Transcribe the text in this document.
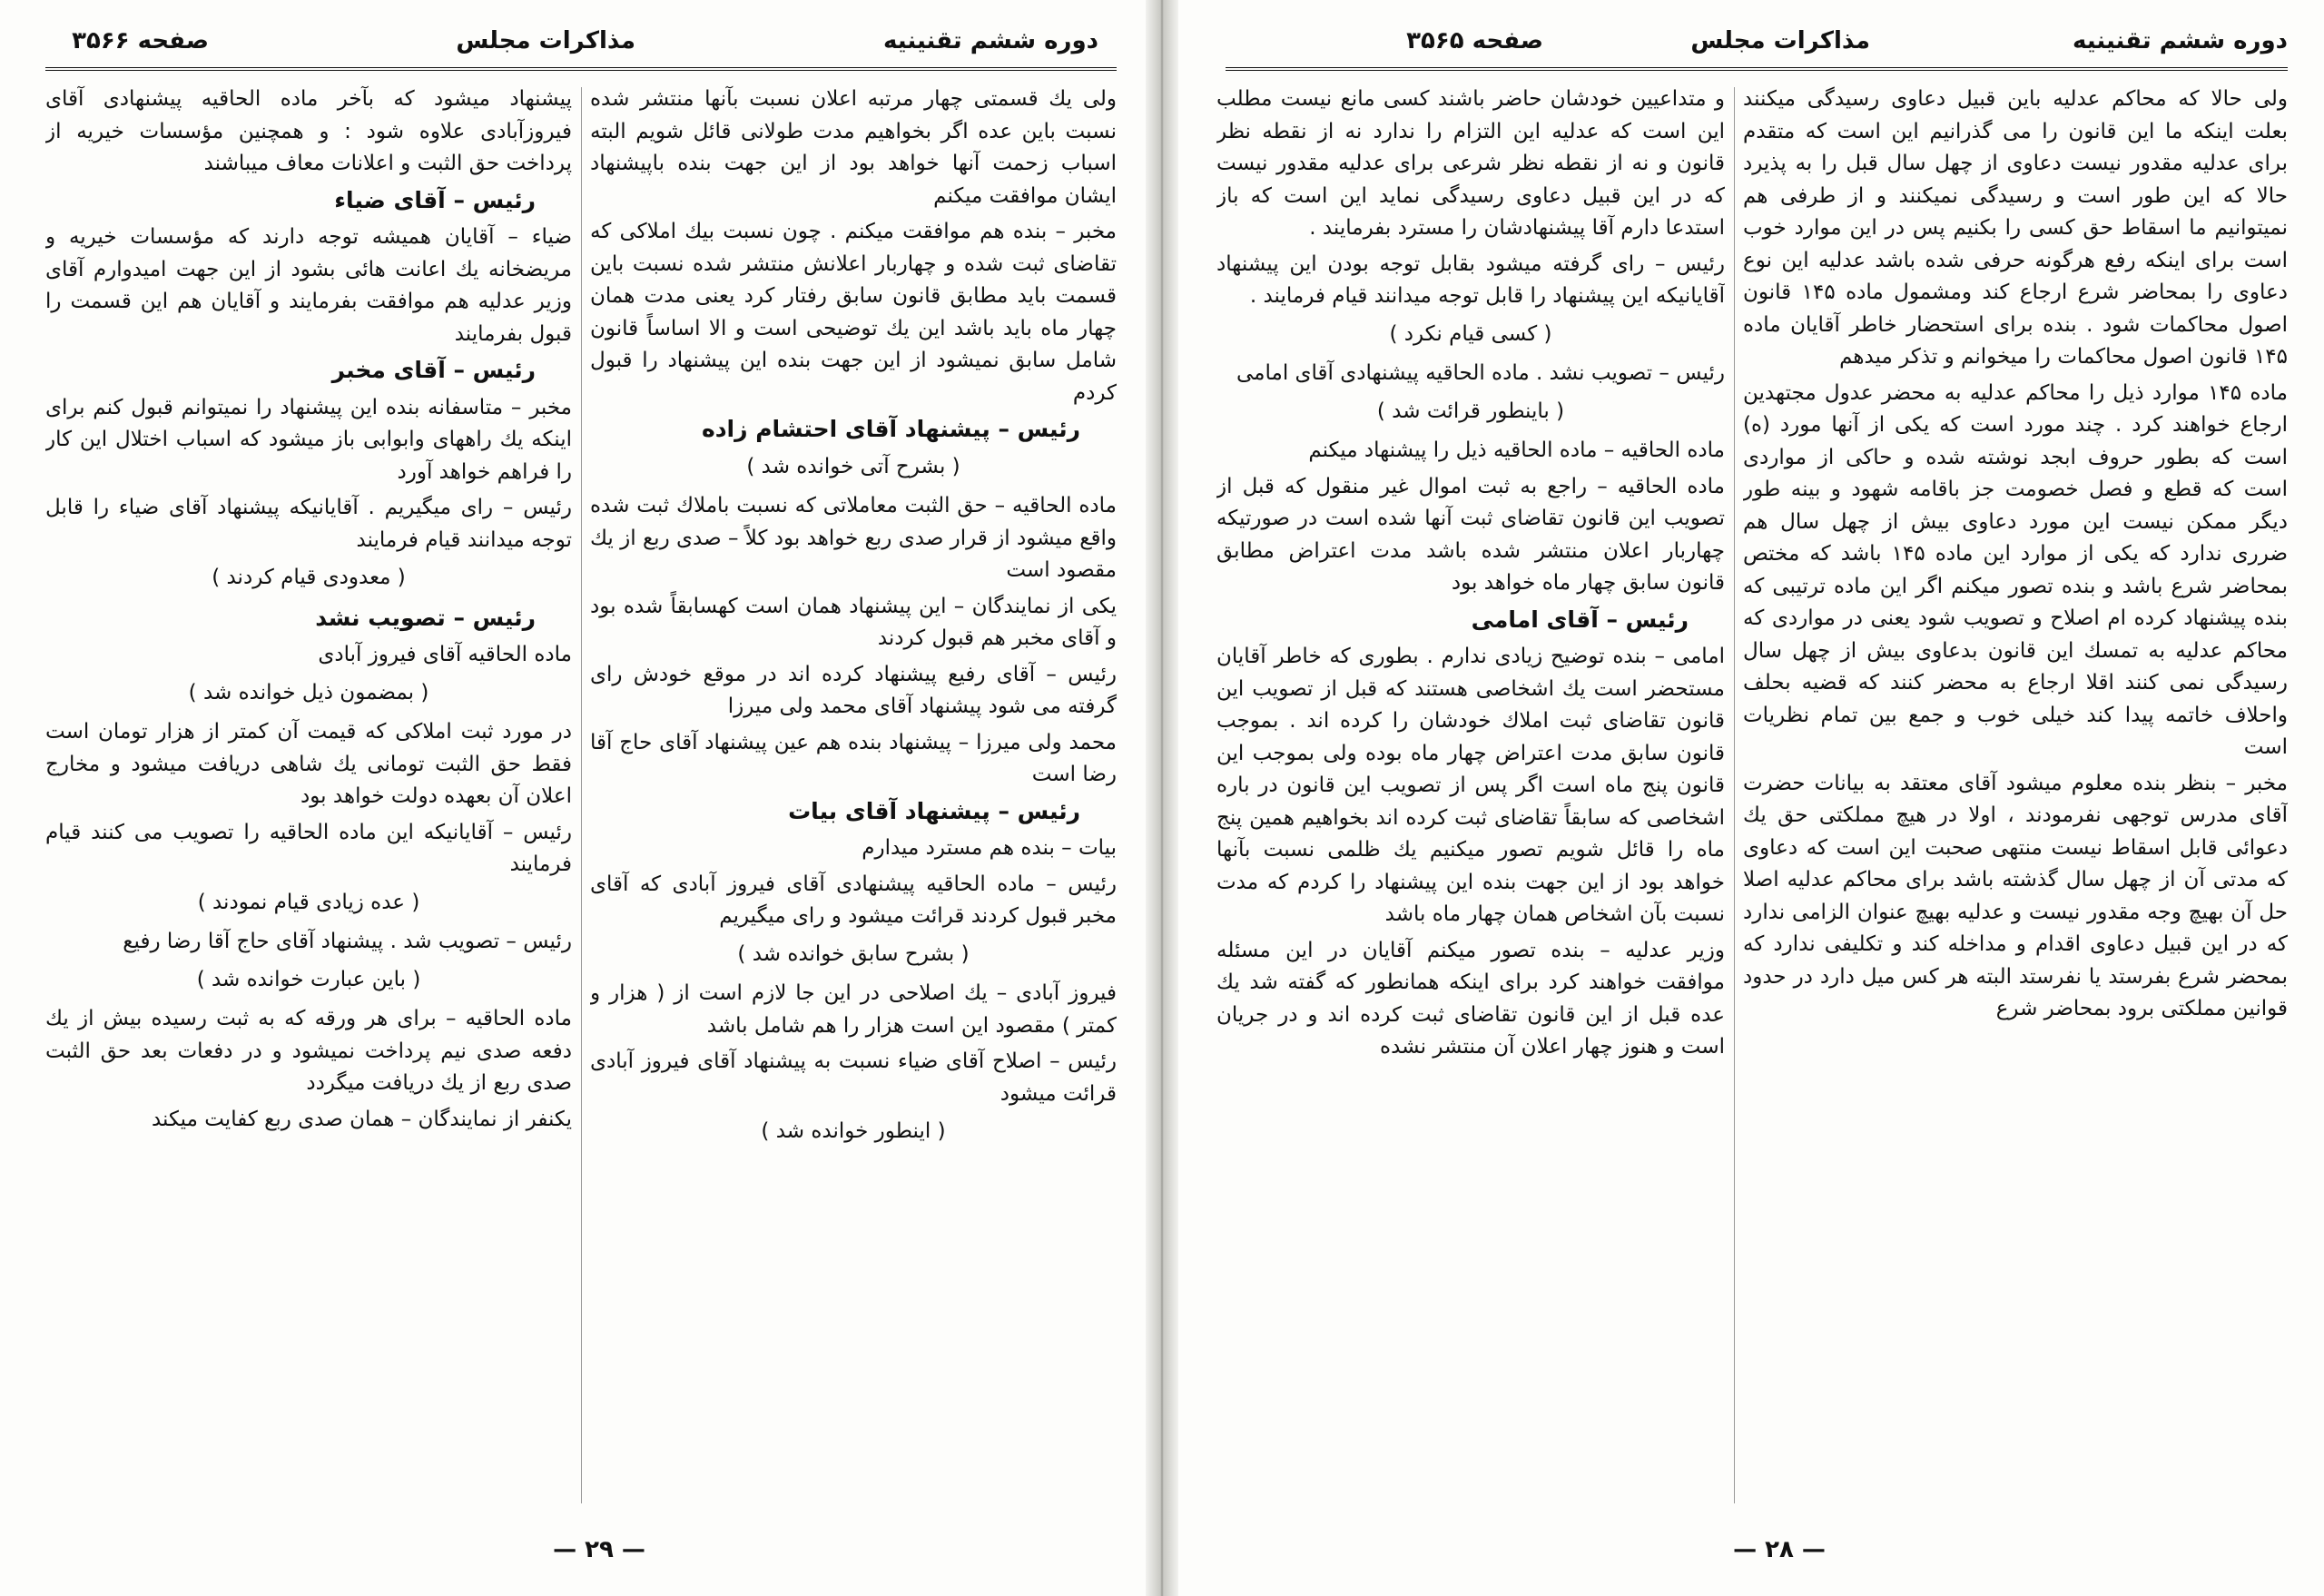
دوره ششم تقنينيه
مذاکرات مجلس
صفحه ۳۵۶۶
ولی یك قسمتی چهار مرتبه اعلان نسبت بآنها منتشر شده نسبت باین عده اگر بخواهیم مدت طولانی قائل شویم البته اسباب زحمت آنها خواهد بود از این جهت بنده باپیشنهاد ایشان موافقت میکنم
مخبر – بنده هم موافقت میکنم . چون نسبت بیك املاکی که تقاضای ثبت شده و چهاربار اعلانش منتشر شده نسبت باین قسمت باید مطابق قانون سابق رفتار کرد یعنی مدت همان چهار ماه باید باشد این یك توضیحی است و الا اساساً قانون شامل سابق نمیشود از این جهت بنده این پیشنهاد را قبول کردم
رئیس – پیشنهاد آقای احتشام زاده
( بشرح آتی خوانده شد )
ماده الحاقیه – حق الثبت معاملاتی که نسبت باملاك ثبت شده واقع میشود از قرار صدی ربع خواهد بود کلاً – صدی ربع از یك مقصود است
یکی از نمایندگان – این پیشنهاد همان است کهسابقاً شده بود و آقای مخبر هم قبول کردند
رئیس – آقای رفیع پیشنهاد کرده اند در موقع خودش رای گرفته می شود پیشنهاد آقای محمد ولی میرزا
محمد ولی میرزا – پیشنهاد بنده هم عین پیشنهاد آقای حاج آقا رضا است
رئیس – پیشنهاد آقای بیات
بیات – بنده هم مسترد میدارم
رئیس – ماده الحاقیه پیشنهادی آقای فیروز آبادی که آقای مخبر قبول کردند قرائت میشود و رای میگیریم
( بشرح سابق خوانده شد )
فیروز آبادی – یك اصلاحی در این جا لازم است از ( هزار و کمتر ) مقصود این است هزار را هم شامل باشد
رئیس – اصلاح آقای ضیاء نسبت به پیشنهاد آقای فیروز آبادی قرائت میشود
( اینطور خوانده شد )
پیشنهاد میشود که بآخر ماده الحاقیه پیشنهادی آقای فیروزآبادی علاوه شود : و همچنین مؤسسات خیریه از پرداخت حق الثبت و اعلانات معاف میباشند
رئیس – آقای ضیاء
ضیاء – آقایان همیشه توجه دارند که مؤسسات خیریه و مریضخانه یك اعانت هائی بشود از این جهت امیدوارم آقای وزیر عدلیه هم موافقت بفرمایند و آقایان هم این قسمت را قبول بفرمایند
رئیس – آقای مخبر
مخبر – متاسفانه بنده این پیشنهاد را نمیتوانم قبول کنم برای اینکه یك راههای وابوابی باز میشود که اسباب اختلال این کار را فراهم خواهد آورد
رئیس – رای میگیریم . آقایانیکه پیشنهاد آقای ضیاء را قابل توجه میدانند قیام فرمایند
( معدودی قیام کردند )
رئیس – تصویب نشد
ماده الحاقیه آقای فیروز آبادی
( بمضمون ذیل خوانده شد )
در مورد ثبت املاکی که قیمت آن کمتر از هزار تومان است فقط حق الثبت تومانی یك شاهی دریافت میشود و مخارج اعلان آن بعهده دولت خواهد بود
رئیس – آقایانیکه این ماده الحاقیه را تصویب می کنند قیام فرمایند
( عده زیادی قیام نمودند )
رئیس – تصویب شد . پیشنهاد آقای حاج آقا رضا رفیع
( باین عبارت خوانده شد )
ماده الحاقیه – برای هر ورقه که به ثبت رسیده بیش از یك دفعه صدی نیم پرداخت نمیشود و در دفعات بعد حق الثبت صدی ربع از یك دریافت میگردد
یکنفر از نمایندگان – همان صدی ربع کفایت میکند
— ۲۹ —
دوره ششم تقنينيه
مذاکرات مجلس
صفحه ۳۵۶۵
ولی حالا که محاکم عدلیه باین قبیل دعاوی رسیدگی میکنند بعلت اینکه ما این قانون را می گذرانیم این است که متقدم برای عدلیه مقدور نیست دعاوی از چهل سال قبل را به پذیرد حالا که این طور است و رسیدگی نمیکنند و از طرفی هم نمیتوانیم ما اسقاط حق کسی را بکنیم پس در این موارد خوب است برای اینکه رفع هرگونه حرفی شده باشد عدلیه این نوع دعاوی را بمحاضر شرع ارجاع کند ومشمول ماده ۱۴۵ قانون اصول محاکمات شود . بنده برای استحضار خاطر آقایان ماده ۱۴۵ قانون اصول محاکمات را میخوانم و تذکر میدهم
ماده ۱۴۵ موارد ذیل را محاکم عدلیه به محضر عدول مجتهدین ارجاع خواهند کرد . چند مورد است که یکی از آنها مورد (ه) است که بطور حروف ابجد نوشته شده و حاکی از مواردی است که قطع و فصل خصومت جز باقامه شهود و بینه طور دیگر ممکن نیست این مورد دعاوی بیش از چهل سال هم ضرری ندارد که یکی از موارد این ماده ۱۴۵ باشد که مختص بمحاضر شرع باشد و بنده تصور میکنم اگر این ماده ترتیبی که بنده پیشنهاد کرده ام اصلاح و تصویب شود یعنی در مواردی که محاکم عدلیه به تمسك این قانون بدعاوی بیش از چهل سال رسیدگی نمی کنند اقلا ارجاع به محضر کنند که قضیه بحلف واحلاف خاتمه پیدا کند خیلی خوب و جمع بین تمام نظریات است
مخبر – بنظر بنده معلوم میشود آقای معتقد به بیانات حضرت آقای مدرس توجهی نفرمودند ، اولا در هیچ مملکتی حق یك دعوائی قابل اسقاط نیست منتهی صحبت این است که دعاوی که مدتی آن از چهل سال گذشته باشد برای محاکم عدلیه اصلا حل آن بهیچ وجه مقدور نیست و عدلیه بهیچ عنوان الزامی ندارد که در این قبیل دعاوی اقدام و مداخله کند و تکلیفی ندارد که بمحضر شرع بفرستد یا نفرستد البته هر کس میل دارد در حدود قوانین مملکتی برود بمحاضر شرع
و متداعیین خودشان حاضر باشند کسی مانع نیست مطلب این است که عدلیه این التزام را ندارد نه از نقطه نظر قانون و نه از نقطه نظر شرعی برای عدلیه مقدور نیست که در این قبیل دعاوی رسیدگی نماید این است که باز استدعا دارم آقا پیشنهادشان را مسترد بفرمایند .
رئیس – رای گرفته میشود بقابل توجه بودن این پیشنهاد آقایانیکه این پیشنهاد را قابل توجه میدانند قیام فرمایند .
( کسی قیام نکرد )
رئیس – تصویب نشد . ماده الحاقیه پیشنهادی آقای امامی
( باینطور قرائت شد )
ماده الحاقیه – ماده الحاقیه ذیل را پیشنهاد میکنم
ماده الحاقیه – راجع به ثبت اموال غیر منقول که قبل از تصویب این قانون تقاضای ثبت آنها شده است در صورتیکه چهاربار اعلان منتشر شده باشد مدت اعتراض مطابق قانون سابق چهار ماه خواهد بود
رئیس – آقای امامی
امامی – بنده توضیح زیادی ندارم . بطوری که خاطر آقایان مستحضر است یك اشخاصی هستند که قبل از تصویب این قانون تقاضای ثبت املاك خودشان را کرده اند . بموجب قانون سابق مدت اعتراض چهار ماه بوده ولی بموجب این قانون پنج ماه است اگر پس از تصویب این قانون در باره اشخاصی که سابقاً تقاضای ثبت کرده اند بخواهیم همین پنج ماه را قائل شویم تصور میکنیم یك ظلمی نسبت بآنها خواهد بود از این جهت بنده این پیشنهاد را کردم که مدت نسبت بآن اشخاص همان چهار ماه باشد
وزیر عدلیه – بنده تصور میکنم آقایان در این مسئله موافقت خواهند کرد برای اینکه همانطور که گفته شد یك عده قبل از این قانون تقاضای ثبت کرده اند و در جریان است و هنوز چهار اعلان آن منتشر نشده
— ۲۸ —
